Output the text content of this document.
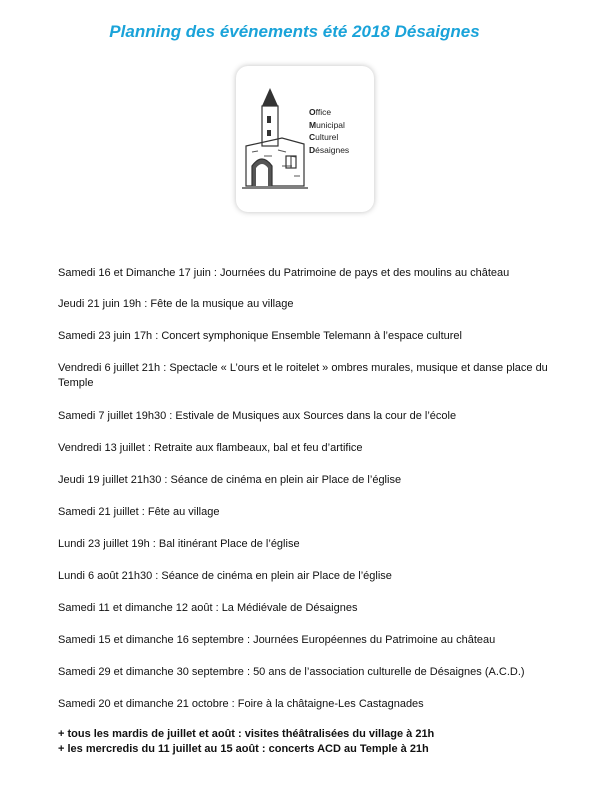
Planning des événements été 2018 Désaignes
Office
Municipal
Culturel
Désaignes
Samedi 16 et Dimanche 17 juin : Journées du Patrimoine de pays et des moulins au château
Jeudi 21 juin 19h : Fête de la musique au village
Samedi 23 juin 17h : Concert symphonique Ensemble Telemann à l’espace culturel
Vendredi 6 juillet 21h : Spectacle « L’ours et le roitelet » ombres murales, musique et danse place du Temple
Samedi 7 juillet 19h30 : Estivale de Musiques aux Sources dans la cour de l’école
Vendredi 13 juillet : Retraite aux flambeaux, bal et feu d’artifice
Jeudi 19 juillet 21h30 : Séance de cinéma en plein air Place de l’église
Samedi 21 juillet : Fête au village
Lundi 23 juillet 19h : Bal itinérant Place de l’église
Lundi 6 août 21h30 : Séance de cinéma en plein air Place de l’église
Samedi 11 et dimanche 12 août : La Médiévale de Désaignes
Samedi 15 et dimanche 16 septembre : Journées Européennes du Patrimoine au château
Samedi 29 et dimanche 30 septembre : 50 ans de l’association culturelle de Désaignes (A.C.D.)
Samedi 20 et dimanche 21 octobre : Foire à la châtaigne-Les Castagnades
+ tous les mardis de juillet et août : visites théâtralisées du village à 21h
+ les mercredis du 11 juillet au 15 août : concerts ACD au Temple à 21h
